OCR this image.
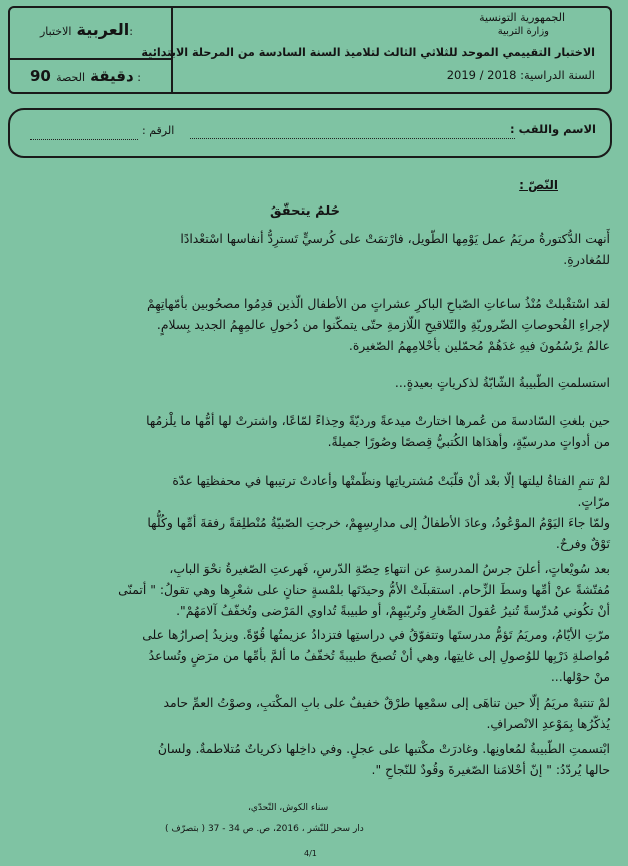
العربية الاختبار:
90 دقيقة الحصة :
الجمهورية التونسية
وزارة التربية
الاختبار التقييمي الموحد للثلاثي الثالث لتلاميذ السنة السادسة من المرحلة الابتدائية
السنة الدراسية: 2018 / 2019
الاسم واللقب :
الرقم :
النّصّ :
حُلمٌ يتحقّقُ
أَنهت الدُّكتورةُ مريَمُ عمل يَوْمِها الطّويل، فارْتمَتْ على كُرسيٍّ تَسترِدُّ أنفاسها اسْتعْدادًا
للمُغادرةِ.
لقد اسْتقْبلتْ مُنْذُ ساعاتِ الصّباحِ الباكرِ عشراتٍ من الأطفال الّذين قدِمُوا مصحُوبين بأمّهاتِهِمْ
لإجراءِ الفُحوصاتِ الضّروريّةِ والتّلاقيحِ اللّازمةِ حتّى يتمكّنوا من دُخولِ عالمِهِمُ الجديد بِسلامٍ.
عالمٌ يرْسُمُونَ فيهِ غدَهُمْ مُحمّلين بأحْلامِهمُ الصّغيرة.
استسلمتِ الطّبيبةُ الشّابّةُ لذكرياتٍ بعيدةٍ...
حين بلغتِ السّادسةَ من عُمرها اختارتْ ميدعةً ورديّةً وحِذاءً لمّاعًا، واشترتْ لها أمُّها ما يلْزمُها
من أدواتٍ مدرسيّةٍ، وأهدَاها الكُتبيُّ قِصصًا وصُورًا جميلةً.
لمْ تنمِ الفتاةُ ليلتها إلّا بعْد أنْ قلّبَتْ مُشترياتِها ونظّمتْها وأعادتْ ترتيبها في محفظتِها عدّة
مرّاتٍ.
ولمّا جاءَ اليَوْمُ الموْعُودُ، وعادَ الأطفالُ إلى مدارِسِهِمْ، خرجتِ الصّبيّةُ مُنْطلِقةً رفقةَ أمِّها وكُلُّها
تَوْقٌ وفرحٌ.
بعد سُويْعاتٍ، أعلنَ جرسُ المدرسةِ عن انتهاءِ حِصّةِ الدّرسِ، فَهرعتِ الصّغيرةُ نحْوَ البابِ،
مُفتّشةً عنْ أمِّها وسطَ الزِّحام. استقبلَتْ الأمُّ وحيدَتَها بلمْسةٍ حنانٍ على شعْرِها وهي تقولُ: " أتمنّى
أنْ تكُوني مُدرِّسةً تُنيرُ عُقولَ الصِّغارِ وتُربّيهِمْ، أو طبيبةً تُداوي المَرْضى وتُخفّفُ آلامَهُمْ".
مرّتِ الأيّامُ، ومريَمُ تَؤمُّ مدرستَها وتتفوّقُ في دراستِها فتزدادُ عزيمتُها قُوّةً. ويزيدُ إصرارُها على
مُواصلةِ دَرْبِها للوُصولِ إلى غايتِها، وهي أنْ تُصبحَ طبيبةً تُخفّفُ ما ألمَّ بأمِّها من مرَضٍ وتُساعدُ
منْ حوْلها...
لمْ تنتبهْ مريَمُ إلّا حين تناهَى إلى سمْعِها طرْقٌ خفيفٌ على بابِ المكْتبِ، وصوْتُ العمِّ حامد
يُذكّرُها بِمَوْعدِ الانْصرافِ.
ابْتسمتِ الطّبيبةُ لمُعاونِها. وغادرَتْ مكْتبها على عجلٍ. وفي داخِلها ذكرياتٌ مُتلاطمةٌ. ولسانُ
حالها يُردّدُ: " إنّ أحْلامَنا الصّغيرةَ وقُودٌ للنّجاحِ ".
سناء الكوش، التّحدّي،
دار سحر للنّشر ، 2016، ص. ص 34 - 37 ( بتصرّف )
4/1
